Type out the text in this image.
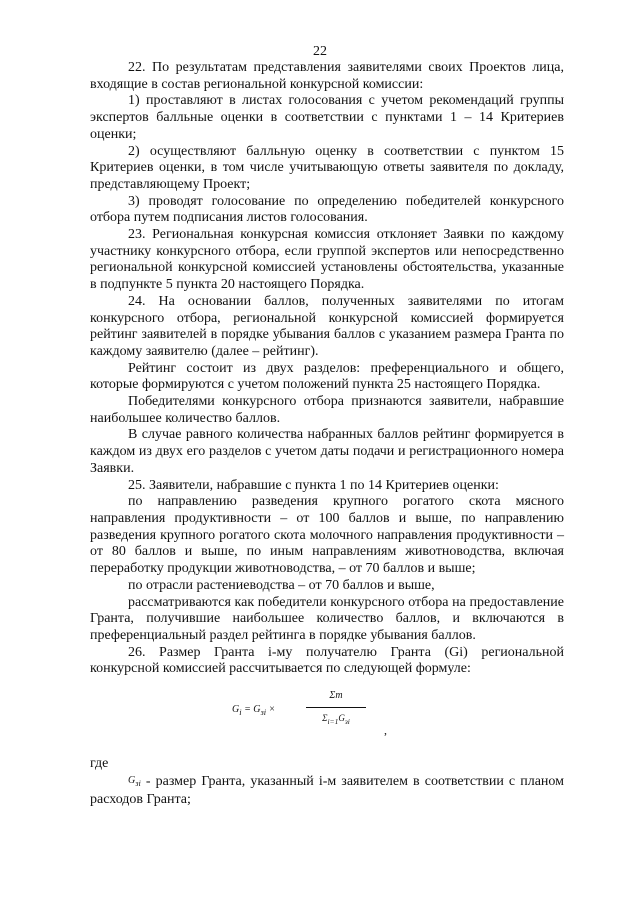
22

22. По результатам представления заявителями своих Проектов лица, входящие в состав региональной конкурсной комиссии:

1) проставляют в листах голосования с учетом рекомендаций группы экспертов балльные оценки в соответствии с пунктами 1 – 14 Критериев оценки;

2) осуществляют балльную оценку в соответствии с пунктом 15 Критериев оценки, в том числе учитывающую ответы заявителя по докладу, представляющему Проект;

3) проводят голосование по определению победителей конкурсного отбора путем подписания листов голосования.

23. Региональная конкурсная комиссия отклоняет Заявки по каждому участнику конкурсного отбора, если группой экспертов или непосредственно региональной конкурсной комиссией установлены обстоятельства, указанные в подпункте 5 пункта 20 настоящего Порядка.

24. На основании баллов, полученных заявителями по итогам конкурсного отбора, региональной конкурсной комиссией формируется рейтинг заявителей в порядке убывания баллов с указанием размера Гранта по каждому заявителю (далее – рейтинг).

Рейтинг состоит из двух разделов: преференциального и общего, которые формируются с учетом положений пункта 25 настоящего Порядка.

Победителями конкурсного отбора признаются заявители, набравшие наибольшее количество баллов.

В случае равного количества набранных баллов рейтинг формируется в каждом из двух его разделов с учетом даты подачи и регистрационного номера Заявки.

25. Заявители, набравшие с пункта 1 по 14 Критериев оценки:

по направлению разведения крупного рогатого скота мясного направления продуктивности – от 100 баллов и выше, по направлению разведения крупного рогатого скота молочного направления продуктивности – от 80 баллов и выше, по иным направлениям животноводства, включая переработку продукции животноводства, – от 70 баллов и выше;

по отрасли растениеводства – от 70 баллов и выше,

рассматриваются как победители конкурсного отбора на предоставление Гранта, получившие наибольшее количество баллов, и включаются в преференциальный раздел рейтинга в порядке убывания баллов.

26. Размер Гранта i-му получателю Гранта (Gi) региональной конкурсной комиссией рассчитывается по следующей формуле:

$G_i = G_{зi}$ ×
Σm
$\Sigma_{i=1}G_{зi}$
,

где

$G_{зi}$ - размер Гранта, указанный i-м заявителем в соответствии с планом расходов Гранта;
